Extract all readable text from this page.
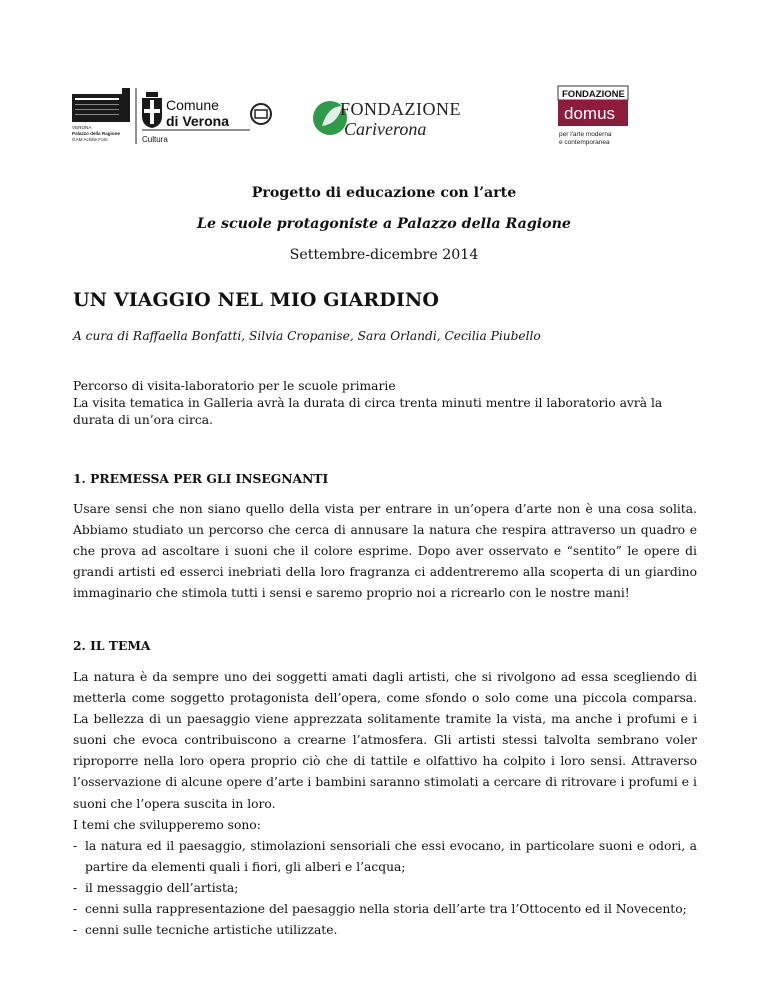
VERONA
Palazzo della Ragione
GAM Achille Forti
Comune
di Verona
Cultura
FONDAZIONE
Cariverona
FONDAZIONE
domus
per l'arte moderna
e contemporanea

Progetto di educazione con l’arte

Le scuole protagoniste a Palazzo della Ragione

Settembre-dicembre 2014

UN VIAGGIO NEL MIO GIARDINO

A cura di Raffaella Bonfatti, Silvia Cropanise, Sara Orlandi, Cecilia Piubello

Percorso di visita-laboratorio per le scuole primarie

La visita tematica in Galleria avrà la durata di circa trenta minuti mentre il laboratorio avrà la durata di un’ora circa.

1. PREMESSA PER GLI INSEGNANTI

Usare sensi che non siano quello della vista per entrare in un’opera d’arte non è una cosa solita. Abbiamo studiato un percorso che cerca di annusare la natura che respira attraverso un quadro e che prova ad ascoltare i suoni che il colore esprime. Dopo aver osservato e “sentito” le opere di grandi artisti ed esserci inebriati della loro fragranza ci addentreremo alla scoperta di un giardino immaginario che stimola tutti i sensi e saremo proprio noi a ricrearlo con le nostre mani!

2. IL TEMA

La natura è da sempre uno dei soggetti amati dagli artisti, che si rivolgono ad essa scegliendo di metterla come soggetto protagonista dell’opera, come sfondo o solo come una piccola comparsa. La bellezza di un paesaggio viene apprezzata solitamente tramite la vista, ma anche i profumi e i suoni che evoca contribuiscono a crearne l’atmosfera. Gli artisti stessi talvolta sembrano voler riproporre nella loro opera proprio ciò che di tattile e olfattivo ha colpito i loro sensi. Attraverso l’osservazione di alcune opere d’arte i bambini saranno stimolati a cercare di ritrovare i profumi e i suoni che l’opera suscita in loro.

I temi che svilupperemo sono:

- la natura ed il paesaggio, stimolazioni sensoriali che essi evocano, in particolare suoni e odori, a partire da elementi quali i fiori, gli alberi e l’acqua;
- il messaggio dell’artista;
- cenni sulla rappresentazione del paesaggio nella storia dell’arte tra l’Ottocento ed il Novecento;
- cenni sulle tecniche artistiche utilizzate.
